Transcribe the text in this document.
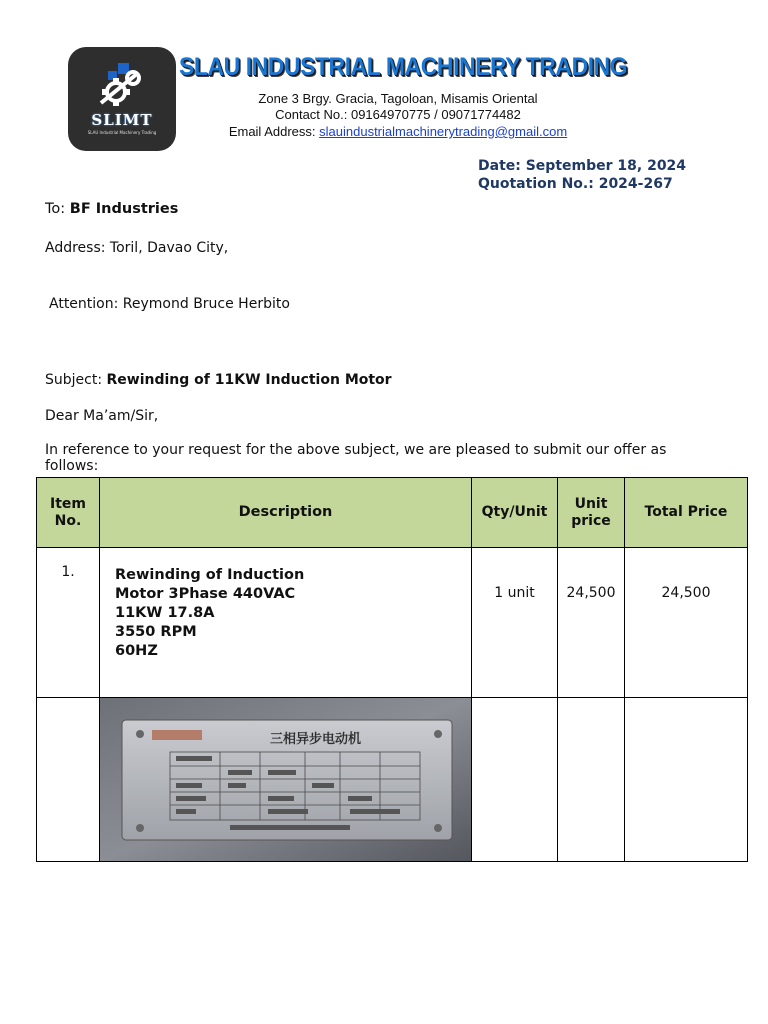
SLIMT
SLAU Industrial Machinery Trading
SLAU INDUSTRIAL MACHINERY TRADING
Zone 3 Brgy. Gracia, Tagoloan, Misamis Oriental
Contact No.: 09164970775 / 09071774482
Email Address: slauindustrialmachinerytrading@gmail.com
Date: September 18, 2024
Quotation No.: 2024-267
To: BF Industries
Address: Toril, Davao City,
Attention: Reymond Bruce Herbito
Subject: Rewinding of 11KW Induction Motor
Dear Ma’am/Sir,
In reference to your request for the above subject, we are pleased to submit our offer as follows:
Item No.	Description	Qty/Unit	Unit price	Total Price
1.	Rewinding of Induction
Motor 3Phase 440VAC
11KW 17.8A
3550 RPM
60HZ	1 unit	24,500	24,500

三相异步电动机			
